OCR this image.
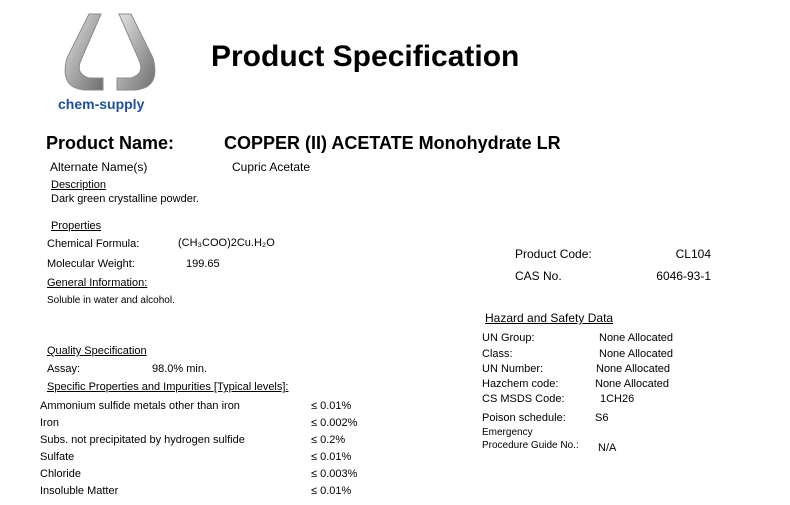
chem-supply
Product Specification
Product Name:	COPPER (II) ACETATE Monohydrate LR
Alternate Name(s)	Cupric Acetate
Description
Dark green crystalline powder.
Properties
Chemical Formula:	(CH₃COO)2Cu.H₂O
Molecular Weight:	199.65
General Information:
Soluble in water and alcohol.
Product Code:	CL104
CAS No.	6046-93-1
Quality Specification
Assay:	98.0% min.
Specific Properties and Impurities [Typical levels]:
Ammonium sulfide metals other than iron	≤ 0.01%
Iron	≤ 0.002%
Subs. not precipitated by hydrogen sulfide	≤ 0.2%
Sulfate	≤ 0.01%
Chloride	≤ 0.003%
Insoluble Matter	≤ 0.01%
Hazard and Safety Data
UN Group:	None Allocated
Class:	None Allocated
UN Number:	None Allocated
Hazchem code:	None Allocated
CS MSDS Code:	1CH26
Poison schedule:	S6
Emergency
Procedure Guide No.: N/A
